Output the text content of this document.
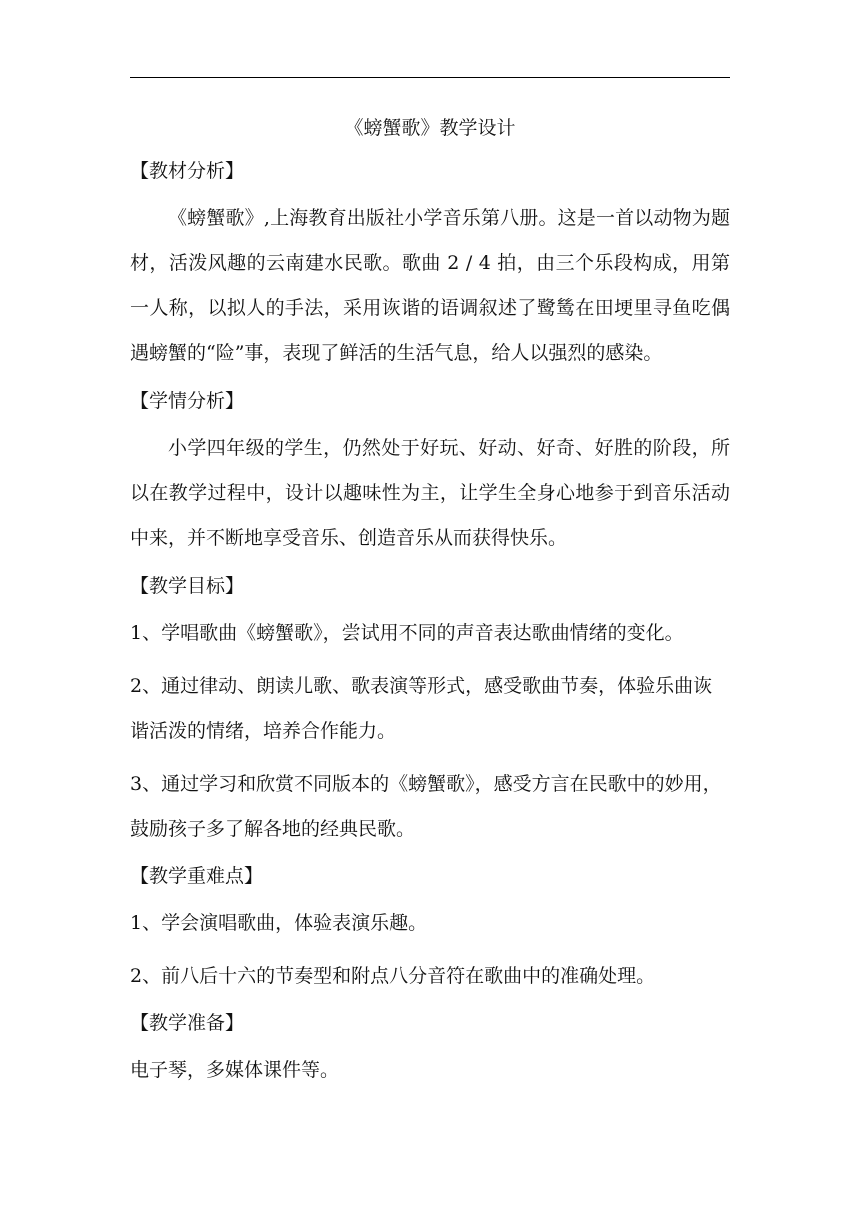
《螃蟹歌》教学设计
【教材分析】

《螃蟹歌》,上海教育出版社小学音乐第八册。这是一首以动物为题材，活泼风趣的云南建水民歌。歌曲 2 / 4 拍，由三个乐段构成，用第一人称，以拟人的手法，采用诙谐的语调叙述了鹭鸶在田埂里寻鱼吃偶遇螃蟹的“险”事，表现了鲜活的生活气息，给人以强烈的感染。

【学情分析】

小学四年级的学生，仍然处于好玩、好动、好奇、好胜的阶段，所以在教学过程中，设计以趣味性为主，让学生全身心地参于到音乐活动中来，并不断地享受音乐、创造音乐从而获得快乐。

【教学目标】

1、学唱歌曲《螃蟹歌》，尝试用不同的声音表达歌曲情绪的变化。

2、通过律动、朗读儿歌、歌表演等形式，感受歌曲节奏，体验乐曲诙谐活泼的情绪，培养合作能力。

3、通过学习和欣赏不同版本的《螃蟹歌》，感受方言在民歌中的妙用，鼓励孩子多了解各地的经典民歌。

【教学重难点】

1、学会演唱歌曲，体验表演乐趣。

2、前八后十六的节奏型和附点八分音符在歌曲中的准确处理。

【教学准备】

电子琴，多媒体课件等。
